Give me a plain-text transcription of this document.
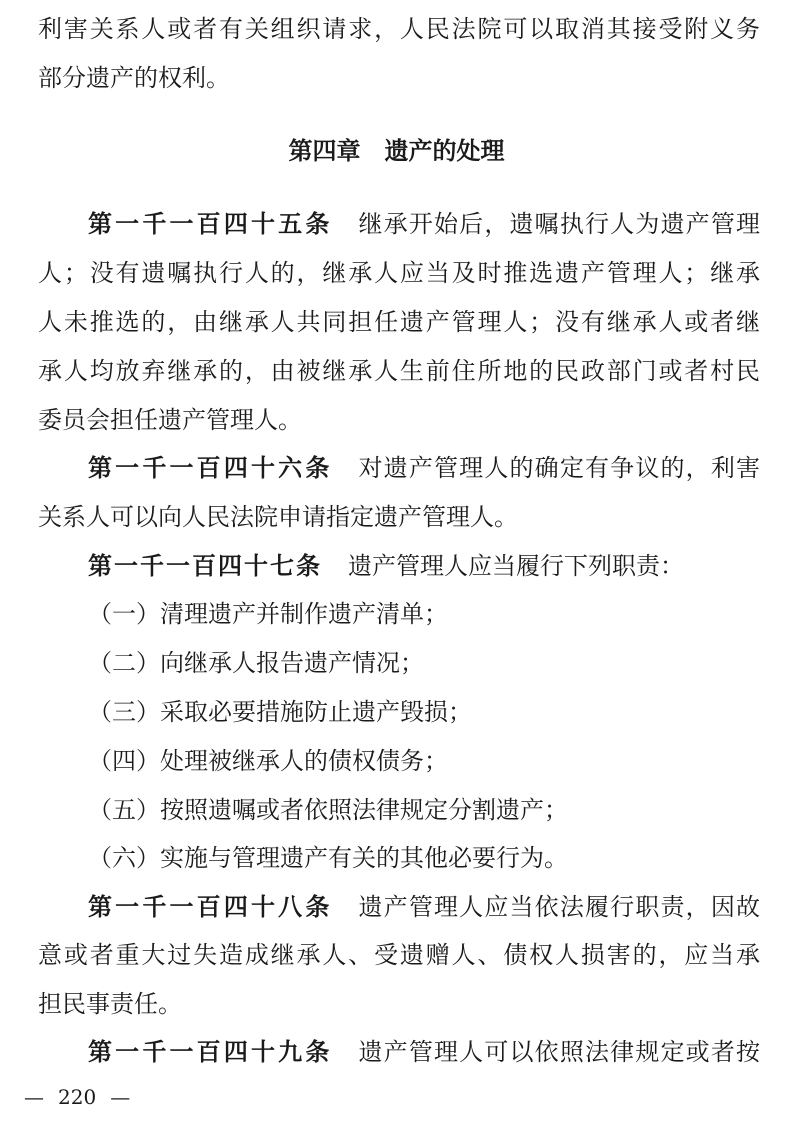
利害关系人或者有关组织请求，人民法院可以取消其接受附义务
部分遗产的权利。
第四章　遗产的处理
第一千一百四十五条 继承开始后，遗嘱执行人为遗产管理
人；没有遗嘱执行人的，继承人应当及时推选遗产管理人；继承
人未推选的，由继承人共同担任遗产管理人；没有继承人或者继
承人均放弃继承的，由被继承人生前住所地的民政部门或者村民
委员会担任遗产管理人。
第一千一百四十六条 对遗产管理人的确定有争议的，利害
关系人可以向人民法院申请指定遗产管理人。
第一千一百四十七条 遗产管理人应当履行下列职责：
（一）清理遗产并制作遗产清单；
（二）向继承人报告遗产情况；
（三）采取必要措施防止遗产毁损；
（四）处理被继承人的债权债务；
（五）按照遗嘱或者依照法律规定分割遗产；
（六）实施与管理遗产有关的其他必要行为。
第一千一百四十八条 遗产管理人应当依法履行职责，因故
意或者重大过失造成继承人、受遗赠人、债权人损害的，应当承
担民事责任。
第一千一百四十九条 遗产管理人可以依照法律规定或者按
— 220 —
